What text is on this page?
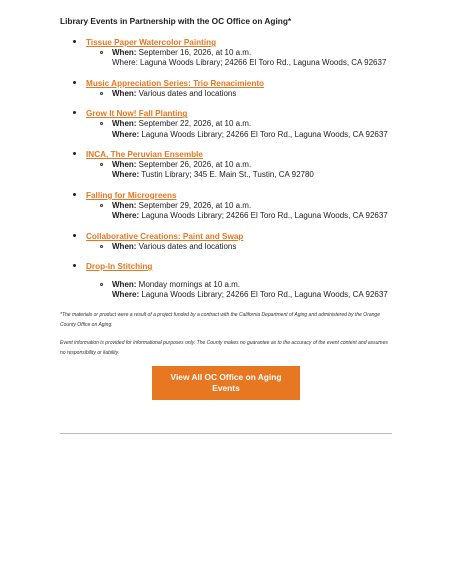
Library Events in Partnership with the OC Office on Aging*
Tissue Paper Watercolor Painting
When: September 16, 2026, at 10 a.m.
Where: Laguna Woods Library; 24266 El Toro Rd., Laguna Woods, CA 92637
Music Appreciation Series: Trio Renacimiento
When: Various dates and locations
Grow It Now! Fall Planting
When: September 22, 2026, at 10 a.m.
Where: Laguna Woods Library; 24266 El Toro Rd., Laguna Woods, CA 92637
INCA, The Peruvian Ensemble
When: September 26, 2026, at 10 a.m.
Where: Tustin Library; 345 E. Main St., Tustin, CA 92780
Falling for Microgreens
When: September 29, 2026, at 10 a.m.
Where: Laguna Woods Library; 24266 El Toro Rd., Laguna Woods, CA 92637
Collaborative Creations: Paint and Swap
When: Various dates and locations
Drop-In Stitching
When: Monday mornings at 10 a.m.
Where: Laguna Woods Library; 24266 El Toro Rd., Laguna Woods, CA 92637

*The materials or product were a result of a project funded by a contract with the California Department of Aging and administered by the Orange County Office on Aging.

Event information is provided for informational purposes only. The County makes no guarantee as to the accuracy of the event content and assumes no responsibility or liability.

View All OC Office on Aging Events
